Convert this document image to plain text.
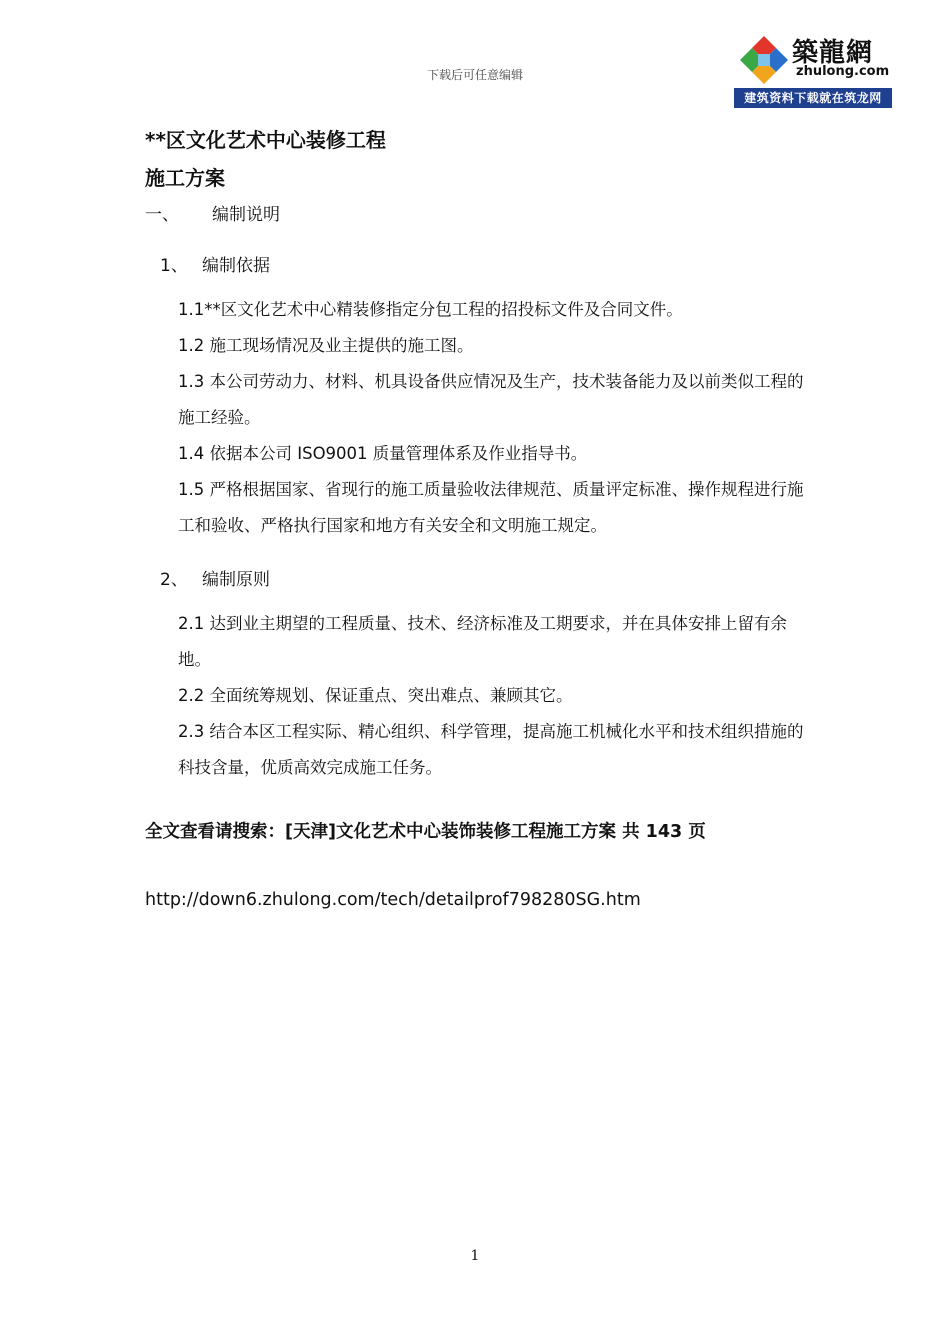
下载后可任意编辑
築龍網
zhulong.com
建筑资料下载就在筑龙网
**区文化艺术中心装修工程
施工方案
一、 编制说明
1、 编制依据
1.1**区文化艺术中心精装修指定分包工程的招投标文件及合同文件。
1.2 施工现场情况及业主提供的施工图。
1.3 本公司劳动力、材料、机具设备供应情况及生产，技术装备能力及以前类似工程的施工经验。
1.4 依据本公司 ISO9001 质量管理体系及作业指导书。
1.5 严格根据国家、省现行的施工质量验收法律规范、质量评定标准、操作规程进行施工和验收、严格执行国家和地方有关安全和文明施工规定。
2、 编制原则
2.1 达到业主期望的工程质量、技术、经济标准及工期要求，并在具体安排上留有余地。
2.2 全面统筹规划、保证重点、突出难点、兼顾其它。
2.3 结合本区工程实际、精心组织、科学管理，提高施工机械化水平和技术组织措施的科技含量，优质高效完成施工任务。
全文查看请搜索：[天津]文化艺术中心装饰装修工程施工方案 共 143 页
http://down6.zhulong.com/tech/detailprof798280SG.htm
1
